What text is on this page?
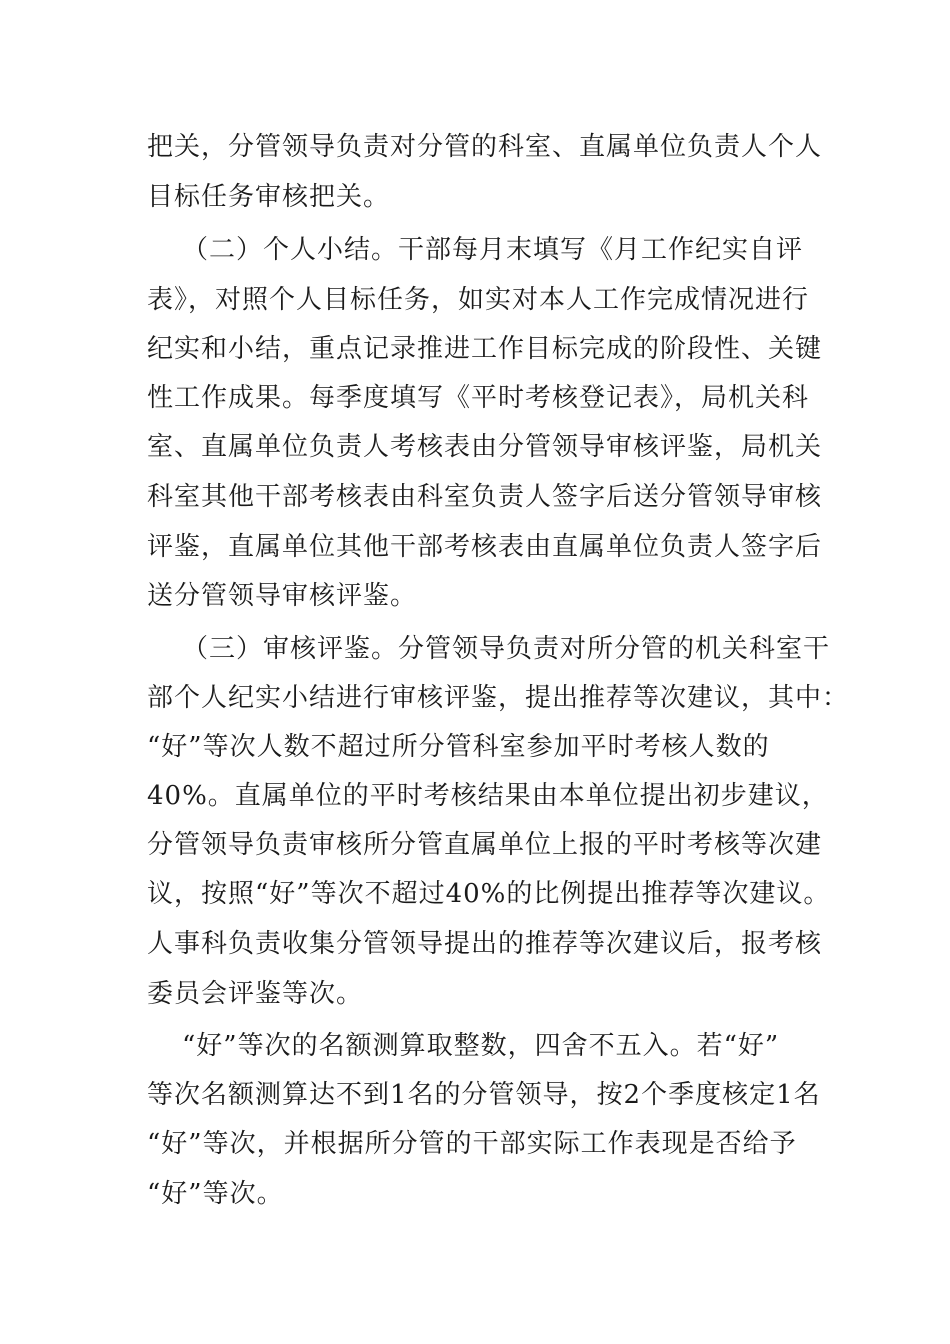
把关，分管领导负责对分管的科室、直属单位负责人个人
目标任务审核把关。
（二）个人小结。干部每月末填写《月工作纪实自评
表》，对照个人目标任务，如实对本人工作完成情况进行
纪实和小结，重点记录推进工作目标完成的阶段性、关键
性工作成果。每季度填写《平时考核登记表》，局机关科
室、直属单位负责人考核表由分管领导审核评鉴，局机关
科室其他干部考核表由科室负责人签字后送分管领导审核
评鉴，直属单位其他干部考核表由直属单位负责人签字后
送分管领导审核评鉴。
（三）审核评鉴。分管领导负责对所分管的机关科室干
部个人纪实小结进行审核评鉴，提出推荐等次建议，其中：
“好”等次人数不超过所分管科室参加平时考核人数的
40%。直属单位的平时考核结果由本单位提出初步建议，
分管领导负责审核所分管直属单位上报的平时考核等次建
议，按照“好”等次不超过40%的比例提出推荐等次建议。
人事科负责收集分管领导提出的推荐等次建议后，报考核
委员会评鉴等次。
“好”等次的名额测算取整数，四舍不五入。若“好”
等次名额测算达不到1名的分管领导，按2个季度核定1名
“好”等次，并根据所分管的干部实际工作表现是否给予
“好”等次。
